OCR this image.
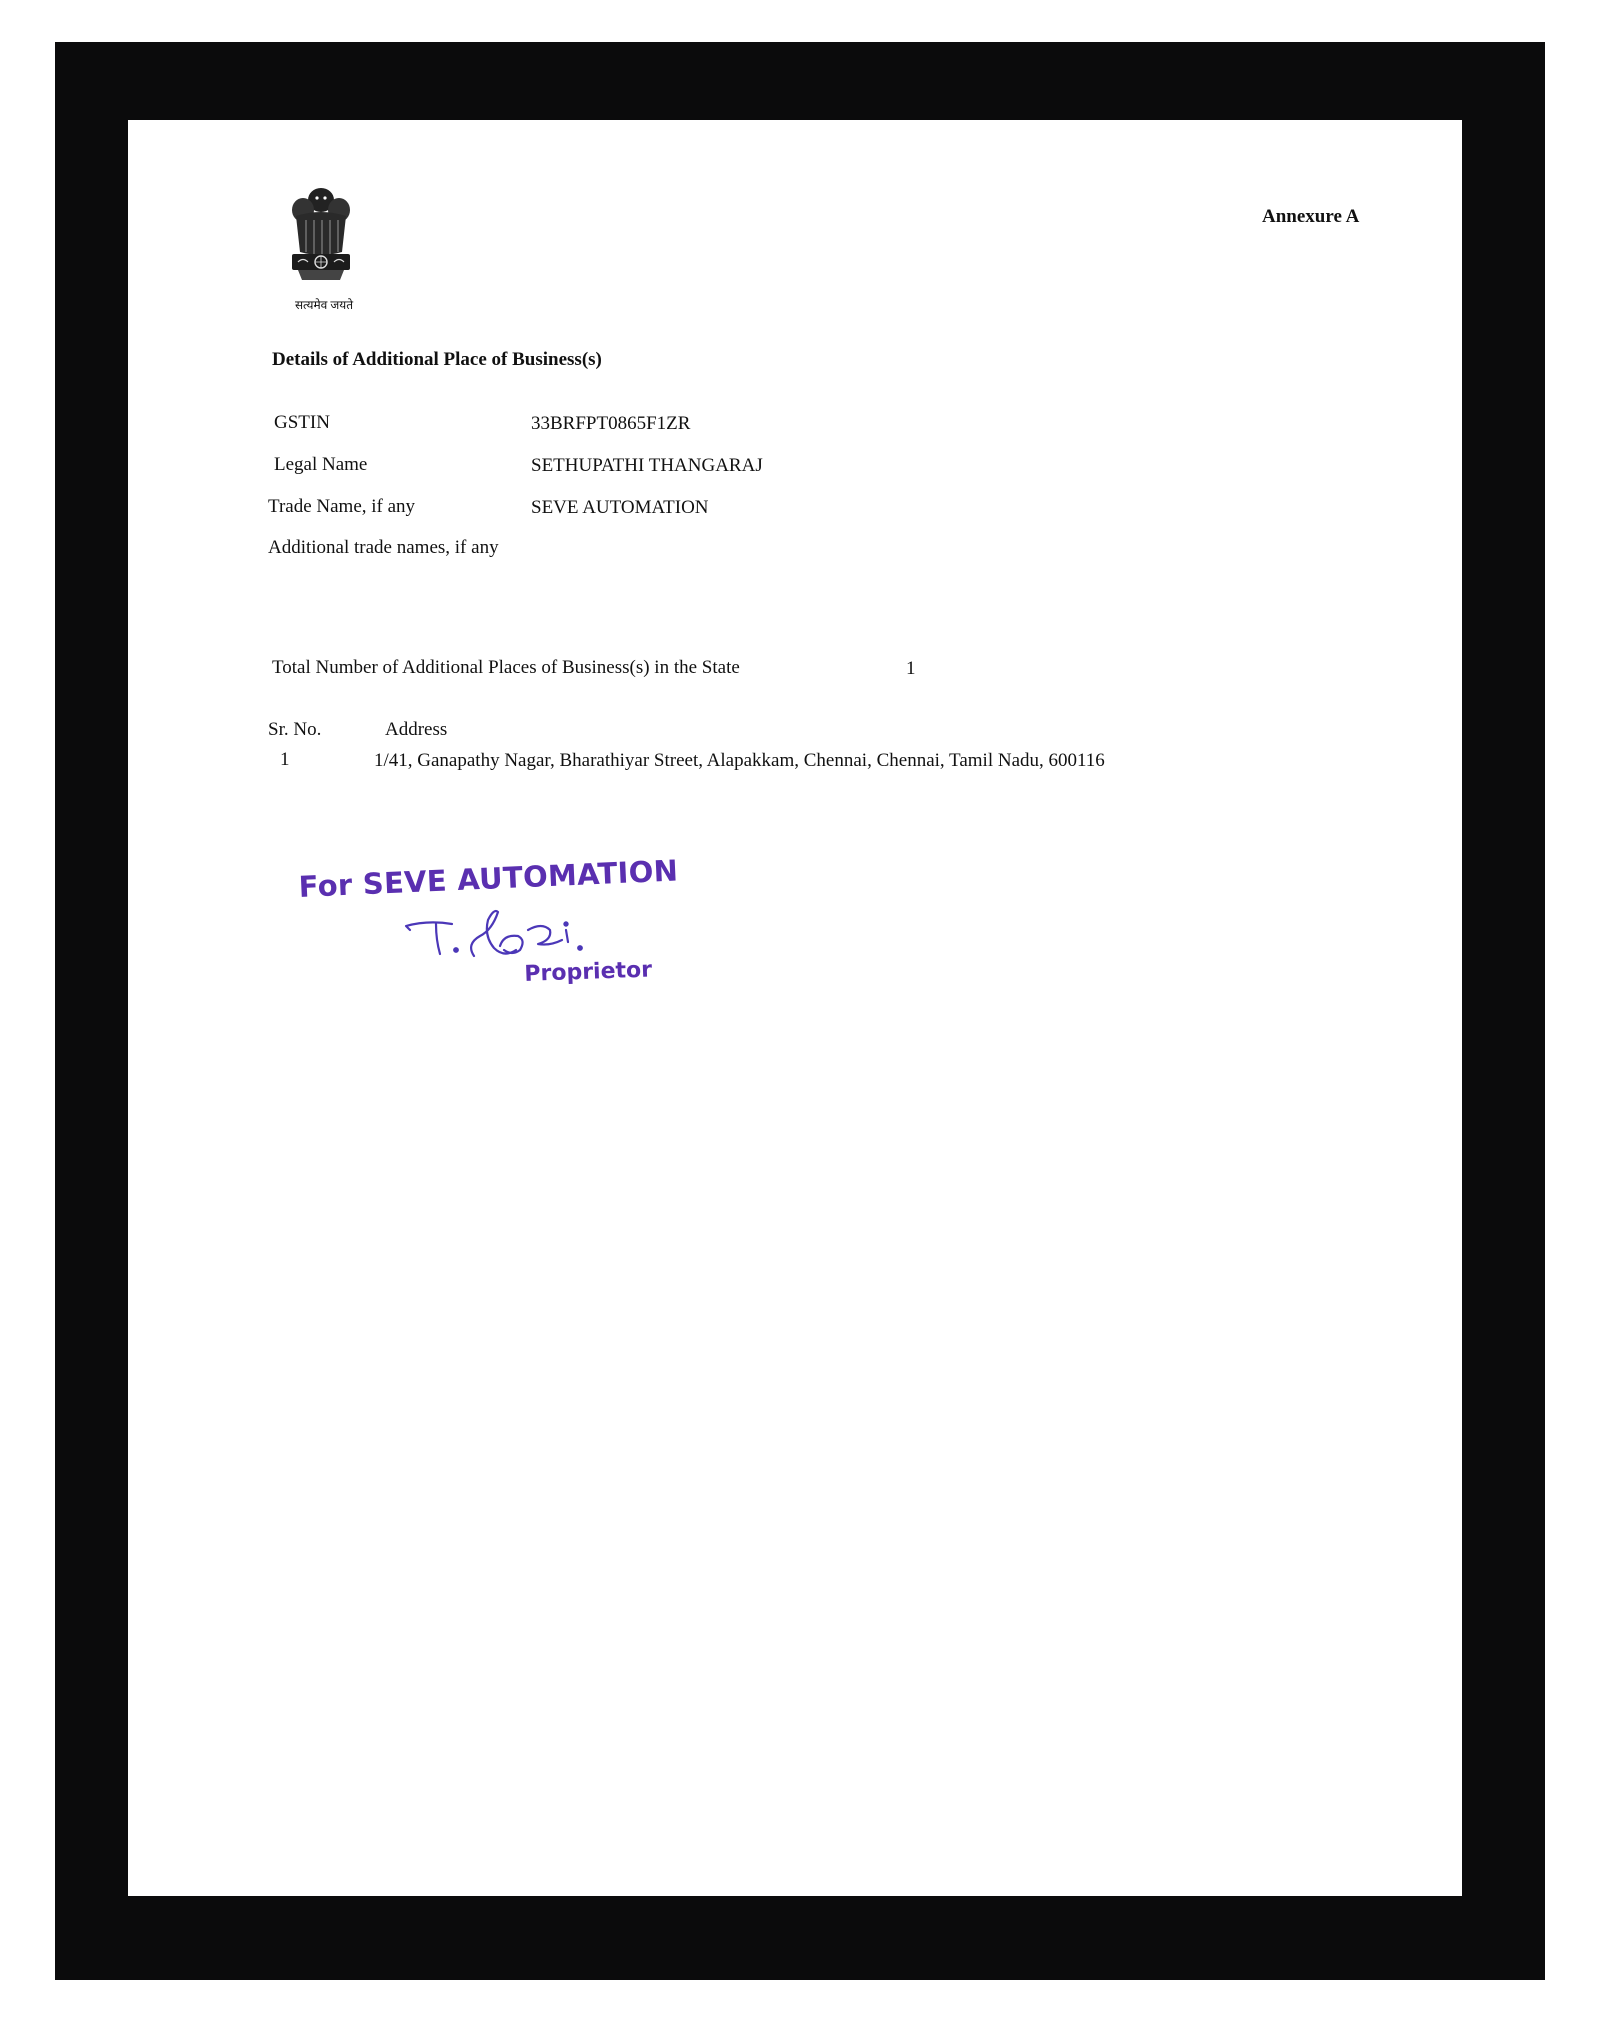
सत्यमेव जयते
Annexure A
Details of Additional Place of Business(s)
GSTIN	33BRFPT0865F1ZR
Legal Name	SETHUPATHI THANGARAJ
Trade Name, if any	SEVE AUTOMATION
Additional trade names, if any
Total Number of Additional Places of Business(s) in the State	1
Sr. No.	Address
1	1/41, Ganapathy Nagar, Bharathiyar Street, Alapakkam, Chennai, Chennai, Tamil Nadu, 600116
For SEVE AUTOMATION
Proprietor
